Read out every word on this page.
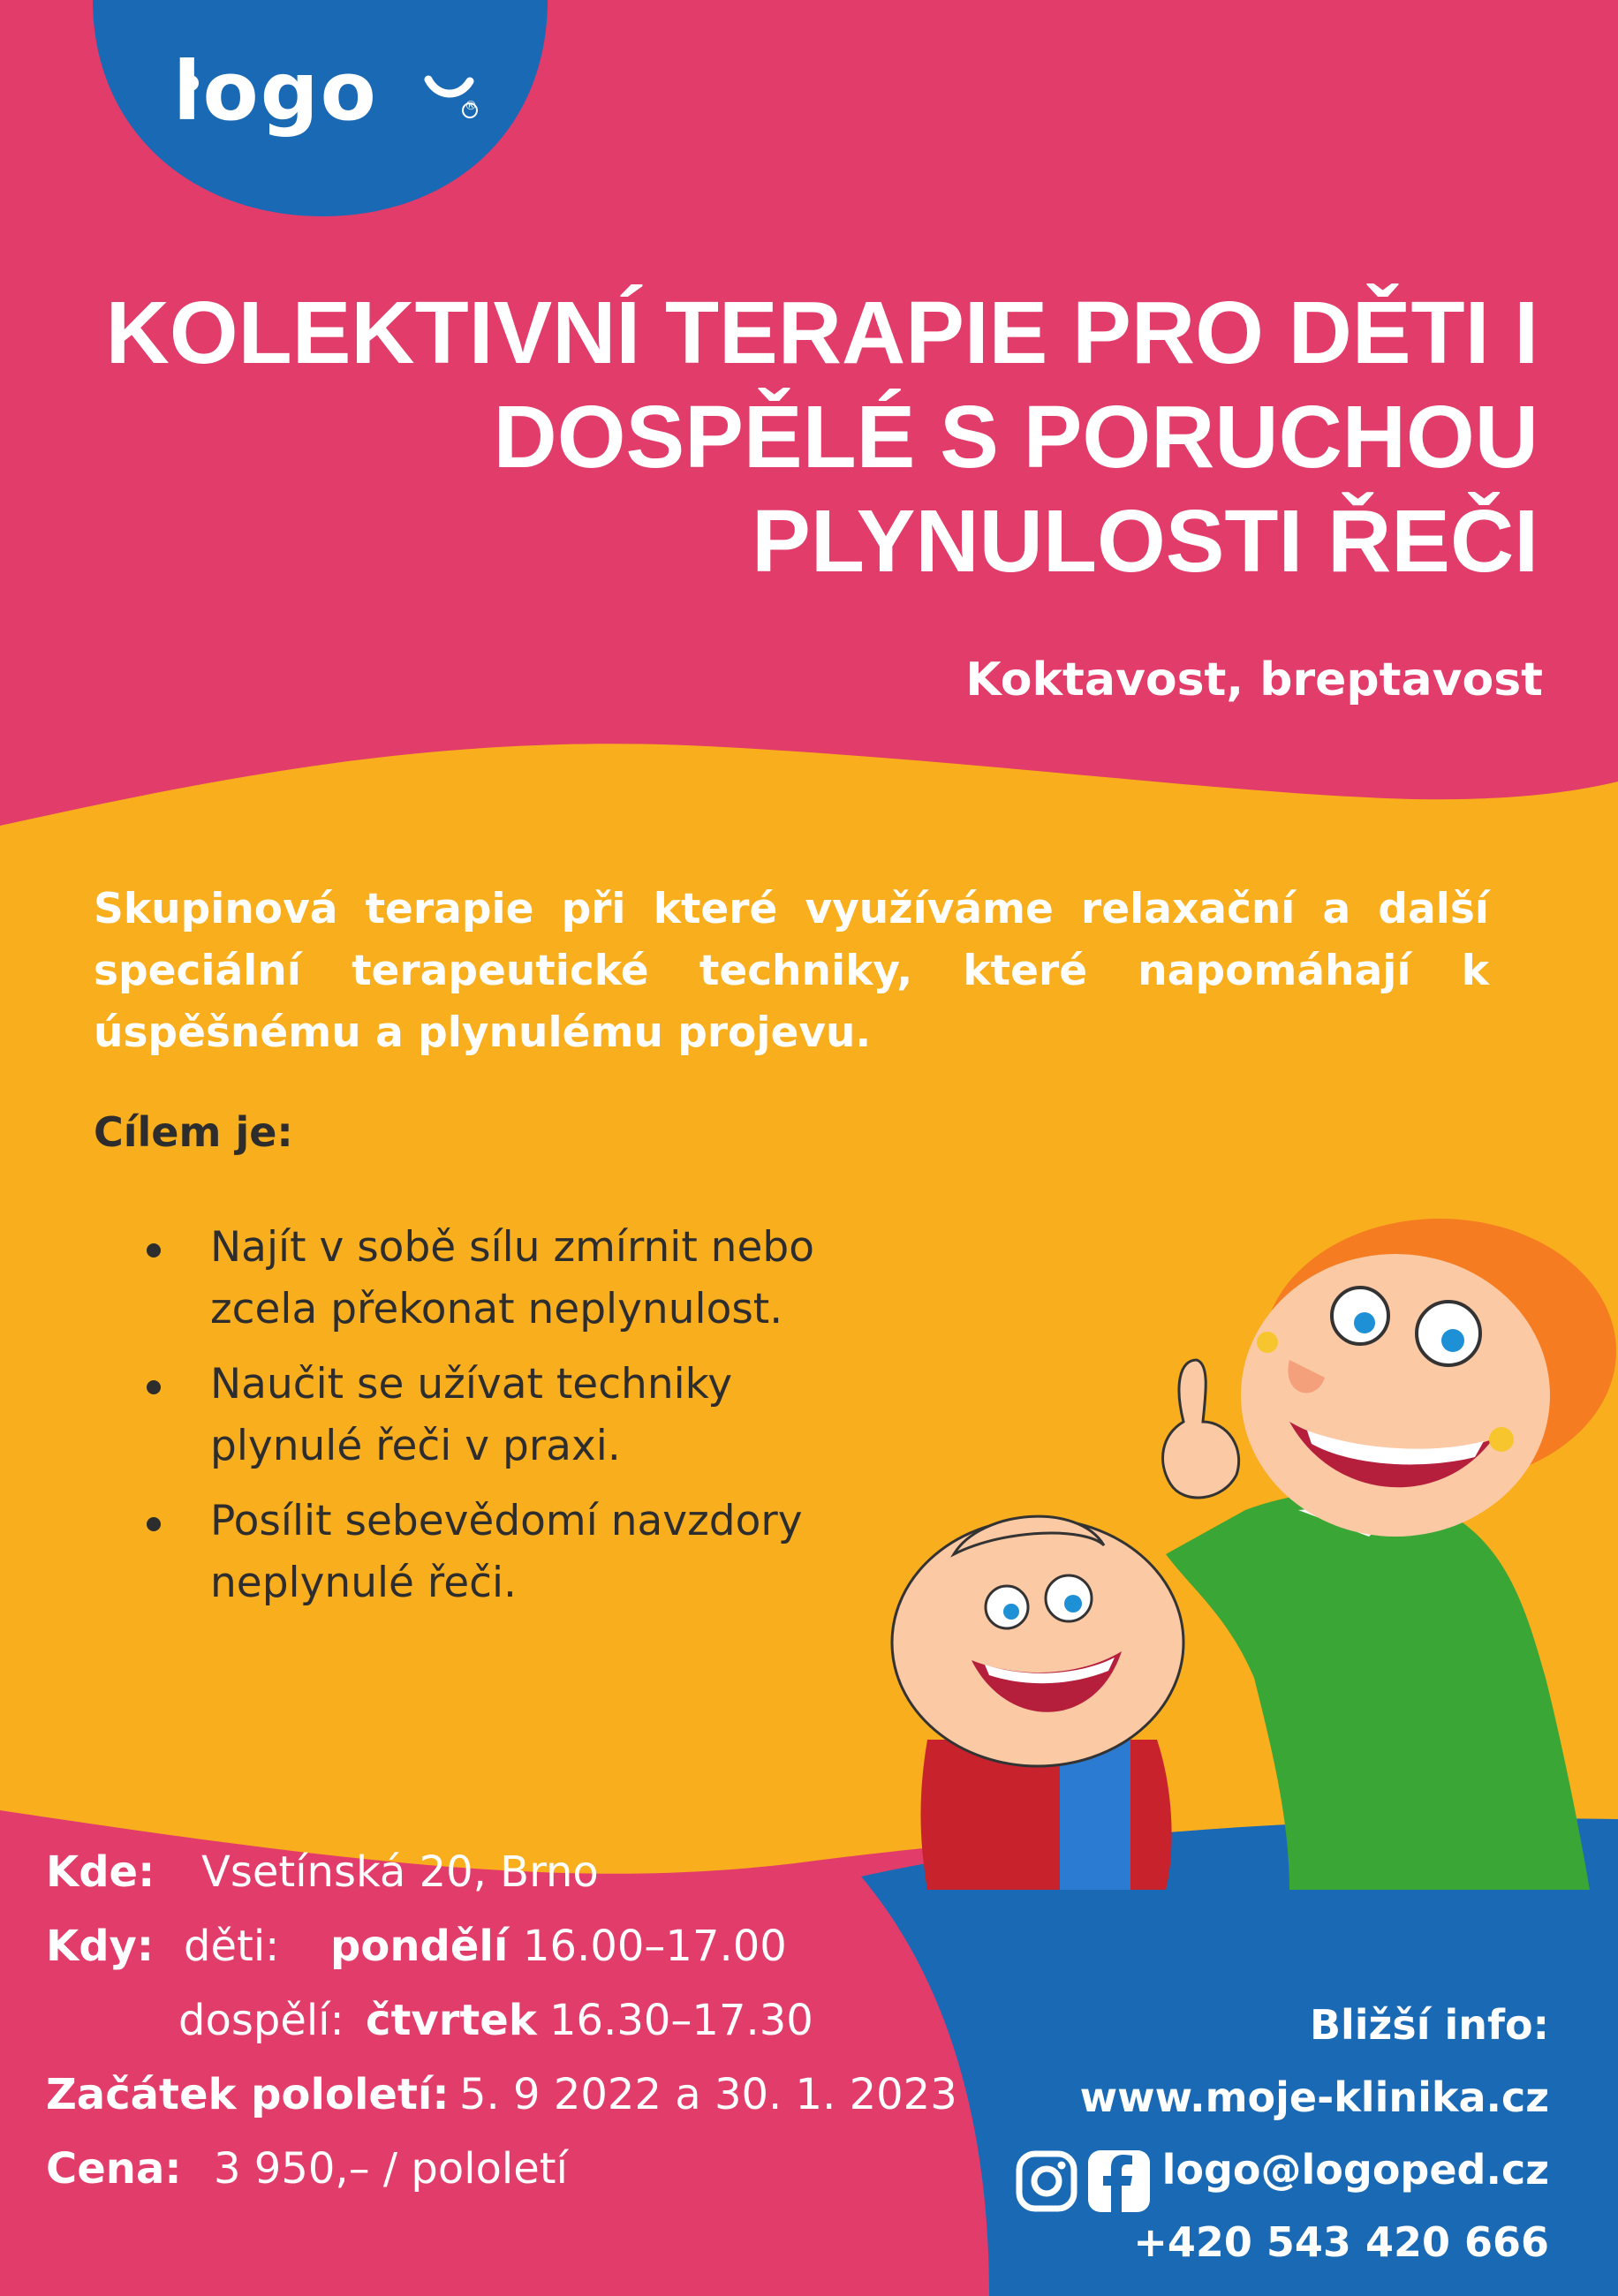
logo	®
KOLEKTIVNÍ TERAPIE PRO DĚTI I
DOSPĚLÉ S PORUCHOU
PLYNULOSTI ŘEČI
Koktavost, breptavost

Skupinová terapie při které využíváme relaxační a další speciální terapeutické techniky, které napomáhají k úspěšnému a plynulému projevu.

Cílem je:
Najít v sobě sílu zmírnit nebo zcela překonat neplynulost.
Naučit se užívat techniky plynulé řeči v praxi.
Posílit sebevědomí navzdory neplynulé řeči.
Kde: Vsetínská 20, Brno
Kdy: děti: pondělí 16.00–17.00
dospělí: čtvrtek 16.30–17.30
Začátek pololetí: 5. 9 2022 a 30. 1. 2023
Cena: 3 950,– / pololetí
Bližší info:
www.moje-klinika.cz
logo@logoped.cz
+420 543 420 666
